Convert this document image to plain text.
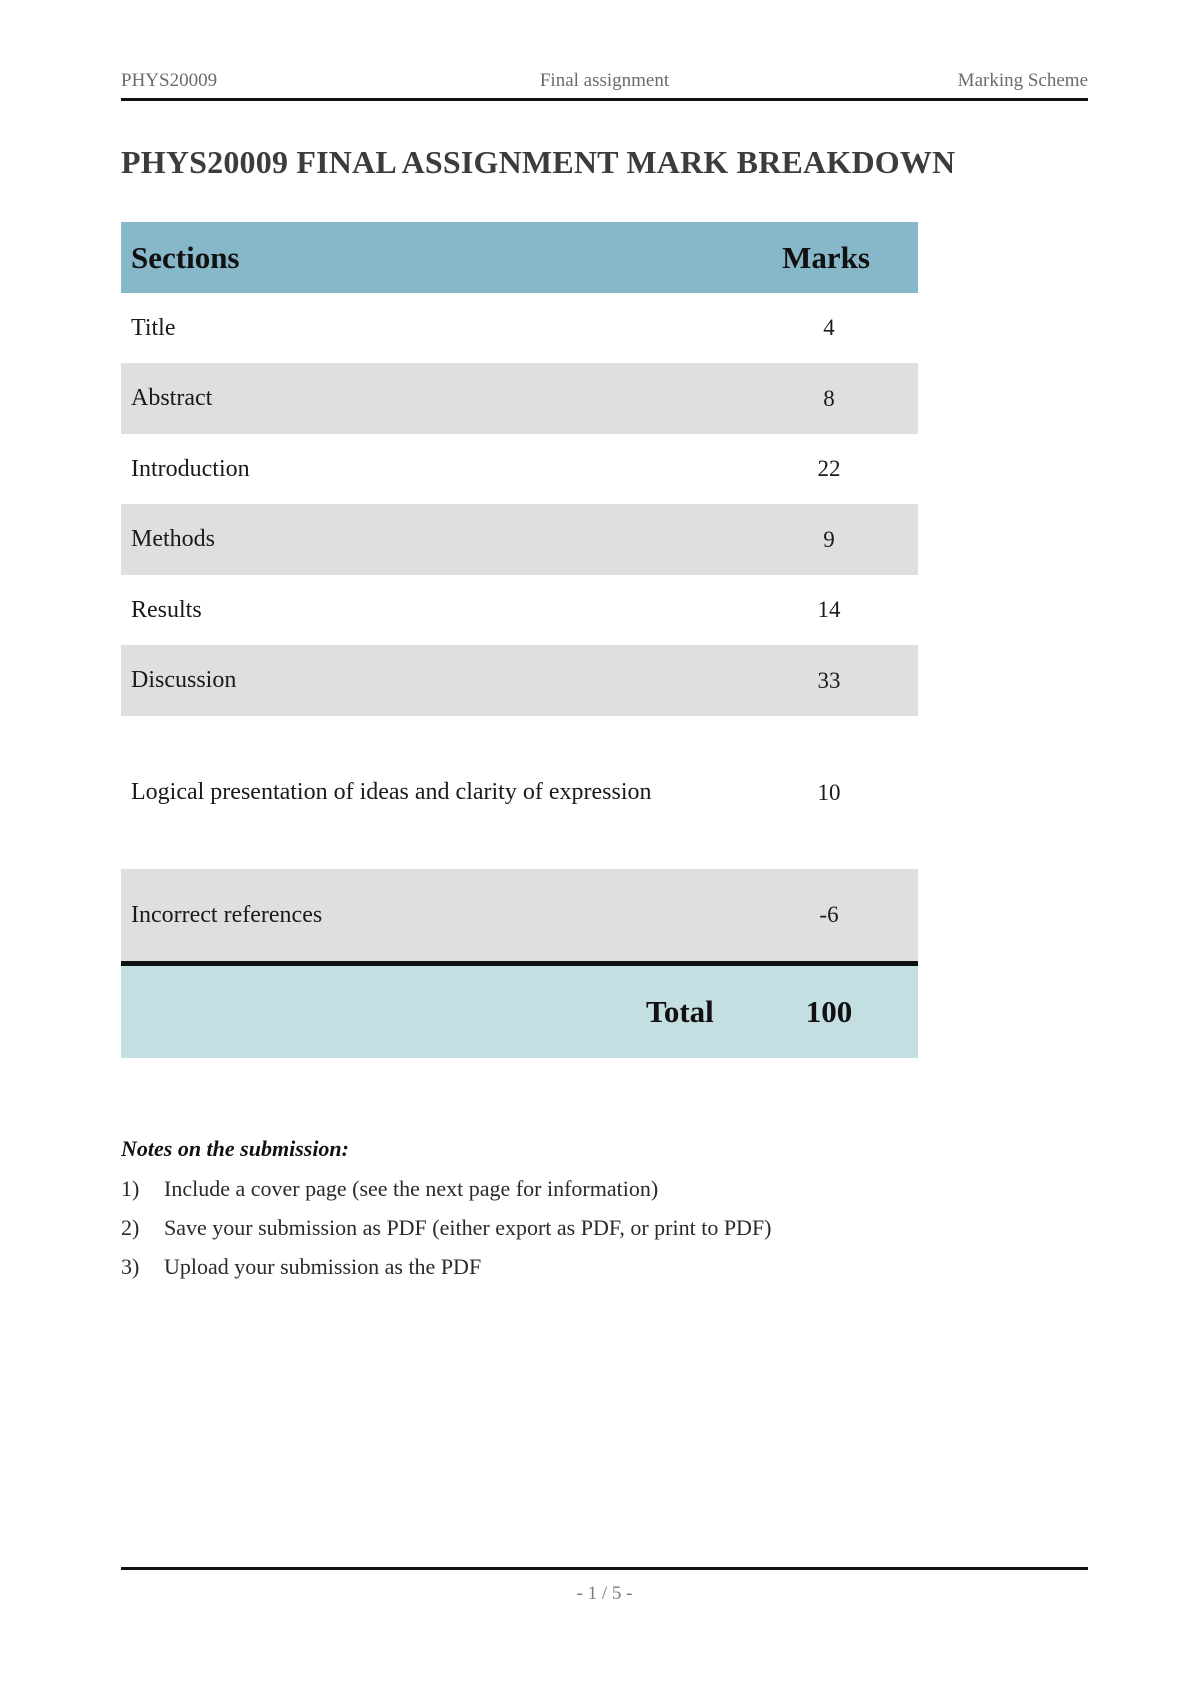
PHYS20009	Final assignment	Marking Scheme
PHYS20009 FINAL ASSIGNMENT MARK BREAKDOWN
Sections	Marks
Title	4
Abstract	8
Introduction	22
Methods	9
Results	14
Discussion	33
Logical presentation of ideas and clarity of expression	10
Incorrect references	-6
Total	100
Notes on the submission:
1)	Include a cover page (see the next page for information)
2)	Save your submission as PDF (either export as PDF, or print to PDF)
3)	Upload your submission as the PDF
- 1 / 5 -
